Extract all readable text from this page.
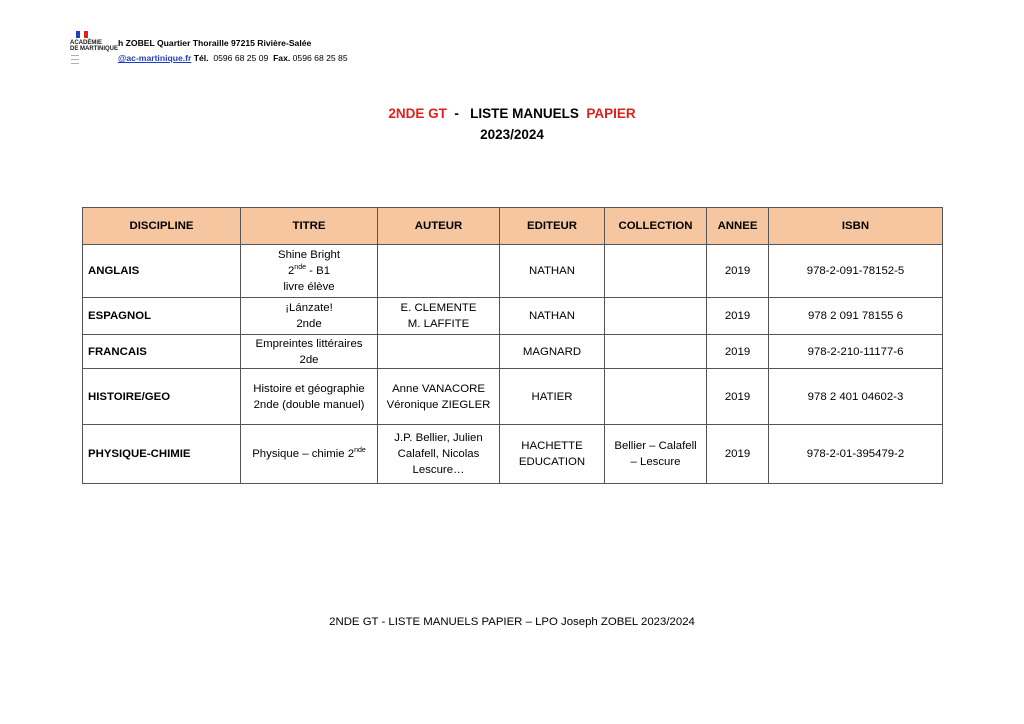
ACADÉMIE
DE MARTINIQUE
h ZOBEL Quartier Thoraille 97215 Rivière-Salée
@ac-martinique.fr Tél. 0596 68 25 09 Fax. 0596 68 25 85
2NDE GT - LISTE MANUELS PAPIER
2023/2024
DISCIPLINE	TITRE	AUTEUR	EDITEUR	COLLECTION	ANNEE	ISBN
ANGLAIS	Shine Bright
2nde - B1
livre élève		NATHAN		2019	978-2-091-78152-5
ESPAGNOL	¡Lánzate!
2nde	E. CLEMENTE
M. LAFFITE	NATHAN		2019	978 2 091 78155 6
FRANCAIS	Empreintes littéraires
2de		MAGNARD		2019	978-2-210-11177-6
HISTOIRE/GEO	Histoire et géographie
2nde (double manuel)	Anne VANACORE
Véronique ZIEGLER	HATIER		2019	978 2 401 04602-3
PHYSIQUE-CHIMIE	Physique – chimie 2nde	J.P. Bellier, Julien
Calafell, Nicolas
Lescure…	HACHETTE
EDUCATION	Bellier – Calafell
– Lescure	2019	978-2-01-395479-2
2NDE GT - LISTE MANUELS PAPIER – LPO Joseph ZOBEL 2023/2024
